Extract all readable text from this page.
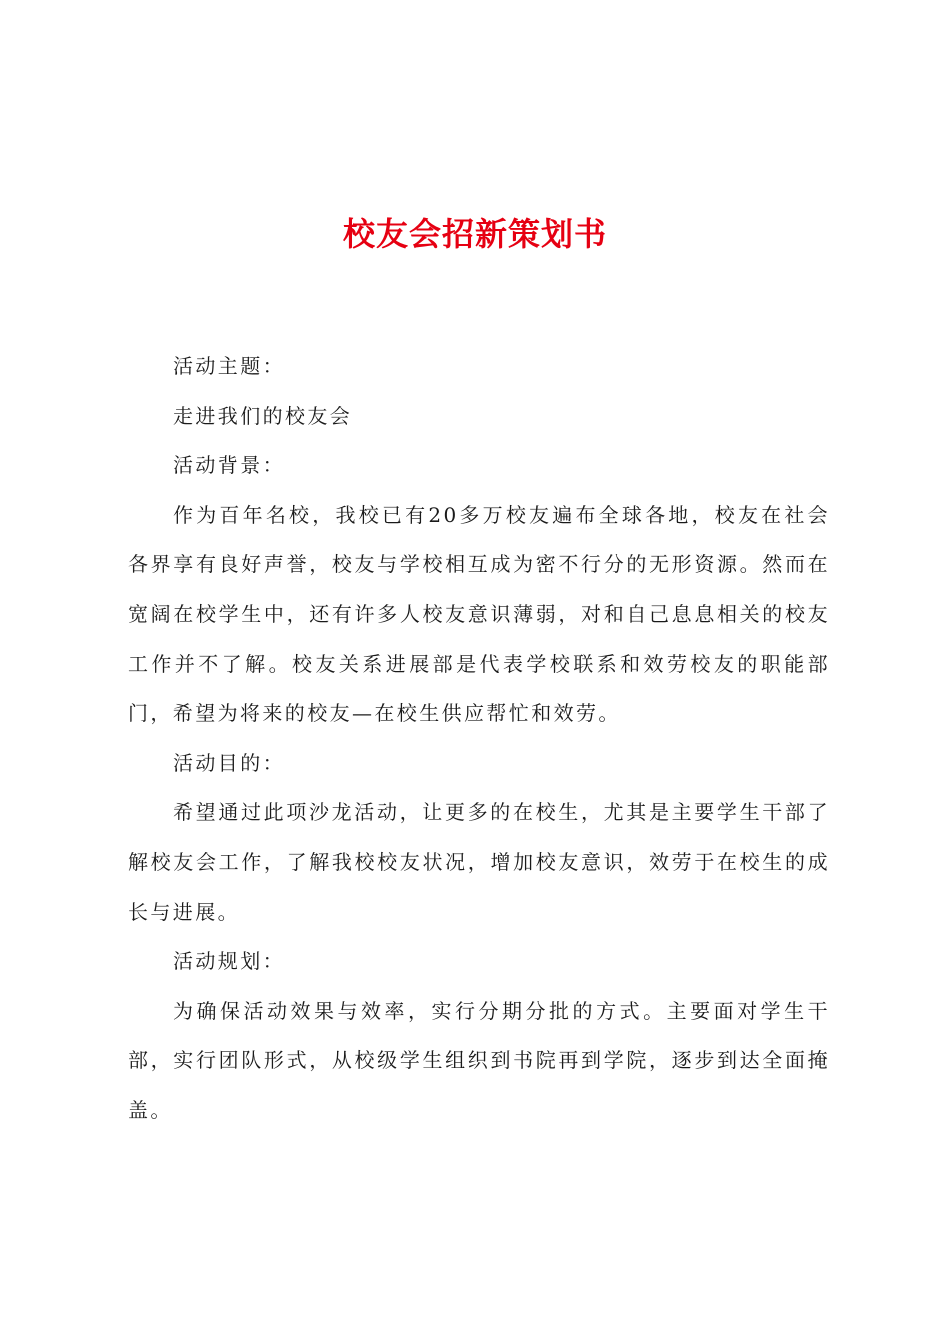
校友会招新策划书

活动主题：

走进我们的校友会

活动背景：

作为百年名校，我校已有20多万校友遍布全球各地，校友在社会各界享有良好声誉，校友与学校相互成为密不行分的无形资源。然而在宽阔在校学生中，还有许多人校友意识薄弱，对和自己息息相关的校友工作并不了解。校友关系进展部是代表学校联系和效劳校友的职能部门，希望为将来的校友—在校生供应帮忙和效劳。

活动目的：

希望通过此项沙龙活动，让更多的在校生，尤其是主要学生干部了解校友会工作，了解我校校友状况，增加校友意识，效劳于在校生的成长与进展。

活动规划：

为确保活动效果与效率，实行分期分批的方式。主要面对学生干部，实行团队形式，从校级学生组织到书院再到学院，逐步到达全面掩盖。
